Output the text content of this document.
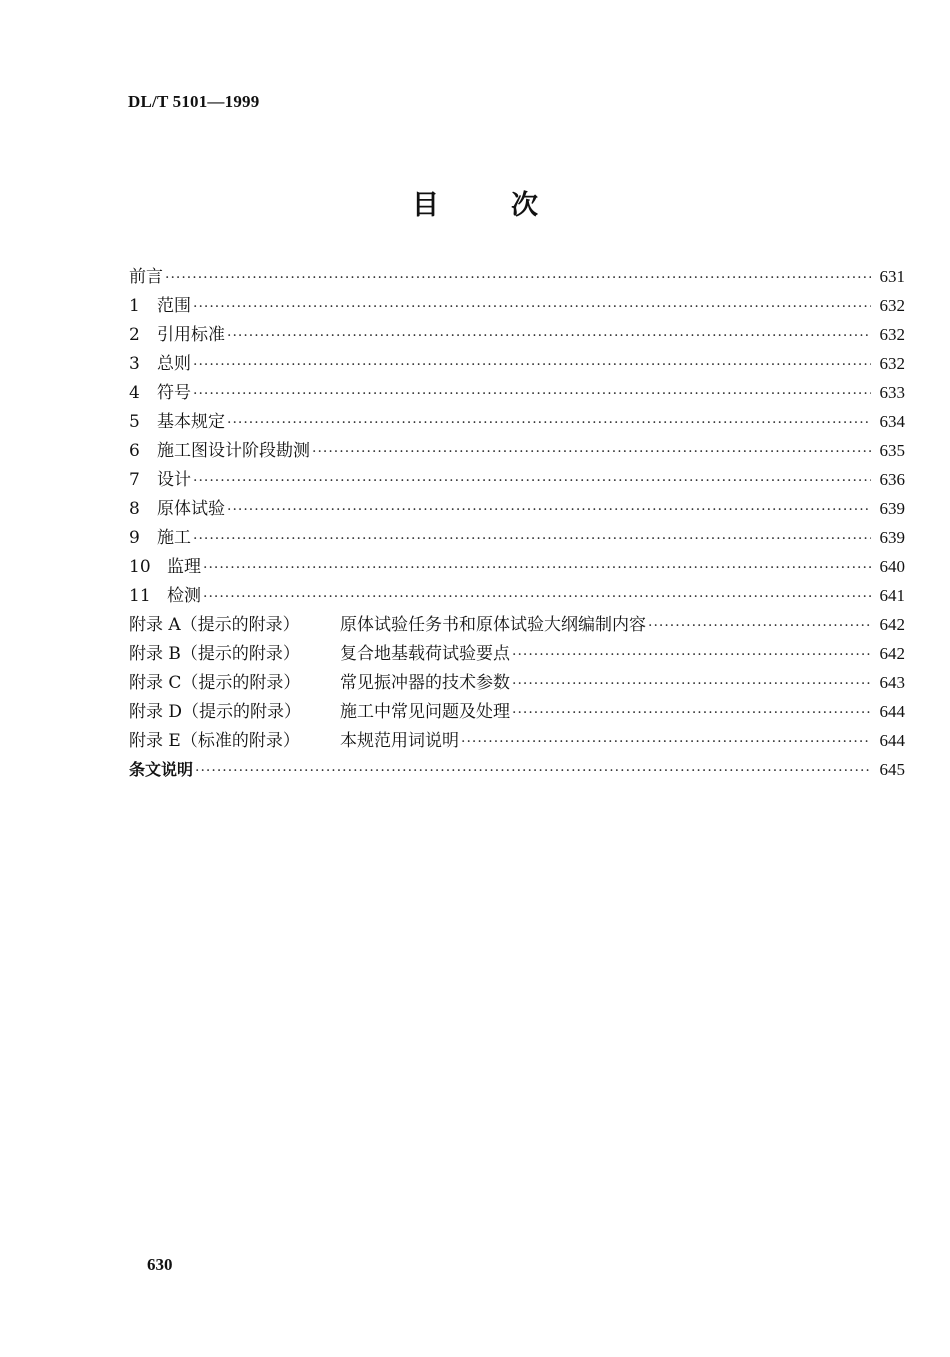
DL/T 5101—1999
目	次
前言 ·····	631
1	范围 ·····	632
2	引用标准 ·····	632
3	总则 ·····	632
4	符号 ·····	633
5	基本规定 ·····	634
6	施工图设计阶段勘测 ·····	635
7	设计 ·····	636
8	原体试验 ·····	639
9	施工 ·····	639
10 监理 ·····	640
11 检测 ·····	641
附录 A（提示的附录）	原体试验任务书和原体试验大纲编制内容 ·····	642
附录 B（提示的附录）	复合地基载荷试验要点 ·····	642
附录 C（提示的附录）	常见振冲器的技术参数 ·····	643
附录 D（提示的附录）	施工中常见问题及处理 ·····	644
附录 E（标准的附录）	本规范用词说明 ·····	644
条文说明 ·····	645
630
